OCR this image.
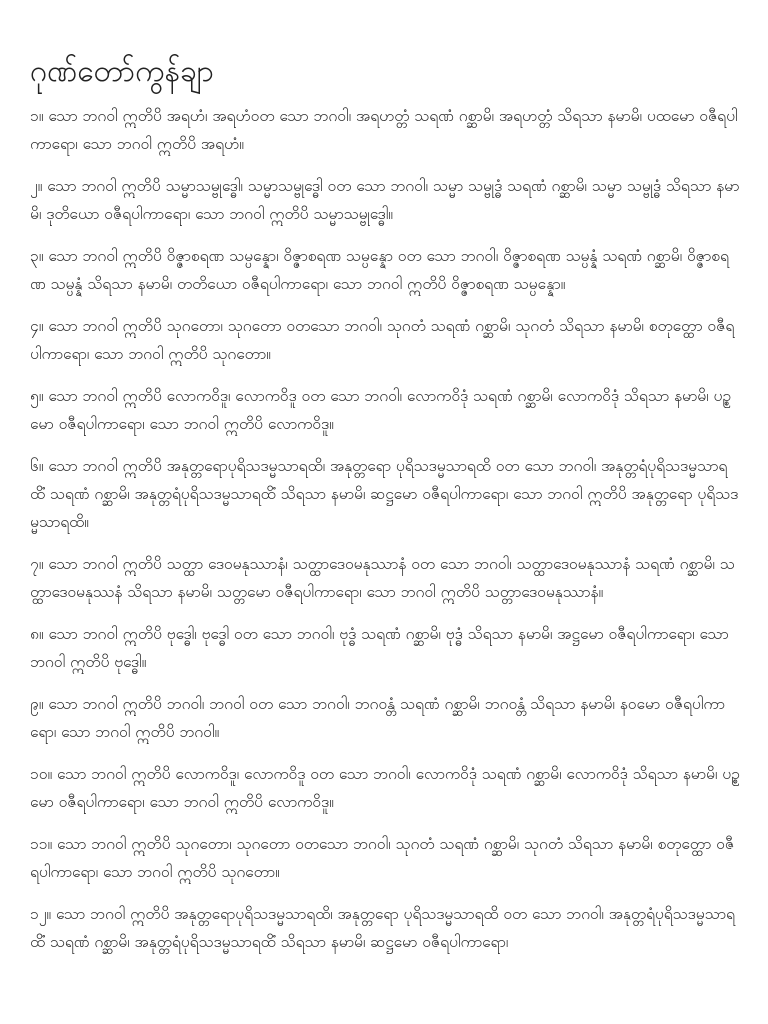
ဂုဏ်တော်ကွန်ချာ

၁။ သော ဘဂဝါ ဣတိပိ အရဟံ၊ အရဟံဝတ သော ဘဂဝါ၊ အရဟတ္တံ သရဏံ ဂစ္ဆာမိ၊ အရဟတ္တံ သိရသာ နမာမိ၊ ပထမော ဝဇီရပါကာရော၊ သော ဘဂဝါ ဣတိပိ အရဟံ။

၂။ သော ဘဂဝါ ဣတိပိ သမ္မာသမ္ဗုဒ္ဓေါ၊ သမ္မာသမ္ဗုဒ္ဓေါ ဝတ သော ဘဂဝါ၊ သမ္မာ သမ္ဗုဒ္ဓံ သရဏံ ဂစ္ဆာမိ၊ သမ္မာ သမ္ဗုဒ္ဓံ သိရသာ နမာမိ၊ ဒုတိယော ဝဇီရပါကာရော၊ သော ဘဂဝါ ဣတိပိ သမ္မာသမ္ဗုဒ္ဓေါ။

၃။ သော ဘဂဝါ ဣတိပိ ဝိဇ္ဇာစရဏ သမ္ပန္နော၊ ဝိဇ္ဇာစရဏ သမ္ပန္နော ဝတ သော ဘဂဝါ၊ ဝိဇ္ဇာစရဏ သမ္ပန္နံ သရဏံ ဂစ္ဆာမိ၊ ဝိဇ္ဇာစရဏ သမ္ပန္နံ သိရသာ နမာမိ၊ တတိယော ဝဇီရပါကာရော၊ သော ဘဂဝါ ဣတိပိ ဝိဇ္ဇာစရဏ သမ္ပန္နော။

၄။ သော ဘဂဝါ ဣတိပိ သုဂတော၊ သုဂတော ဝတသော ဘဂဝါ၊ သုဂတံ သရဏံ ဂစ္ဆာမိ၊ သုဂတံ သိရသာ နမာမိ၊ စတုတ္ထော ဝဇီရပါကာရော၊ သော ဘဂဝါ ဣတိပိ သုဂတော။

၅။ သော ဘဂဝါ ဣတိပိ လောကဝိဒူ၊ လောကဝိဒူ ဝတ သော ဘဂဝါ၊ လောကဝိဒုံ သရဏံ ဂစ္ဆာမိ၊ လောကဝိဒုံ သိရသာ နမာမိ၊ ပဉ္စမော ဝဇီရပါကာရော၊ သော ဘဂဝါ ဣတိပိ လောကဝိဒူ။

၆။ သော ဘဂဝါ ဣတိပိ အနုတ္တရောပုရိသဒမ္မသာရထိ၊ အနုတ္တရော ပုရိသဒမ္မသာရထိ ဝတ သော ဘဂဝါ၊ အနုတ္တရံပုရိသဒမ္မသာရထိံ သရဏံ ဂစ္ဆာမိ၊ အနုတ္တရံပုရိသဒမ္မသာရထိံ သိရသာ နမာမိ၊ ဆဋ္ဌမော ဝဇီရပါကာရော၊ သော ဘဂဝါ ဣတိပိ အနုတ္တရော ပုရိသဒမ္မသာရထိ။

၇။ သော ဘဂဝါ ဣတိပိ သတ္ထာ ဒေဝမနုဿာနံ၊ သတ္ထာဒေဝမနုဿာနံ ဝတ သော ဘဂဝါ၊ သတ္ထာဒေဝမနုဿာနံ သရဏံ ဂစ္ဆာမိ၊ သတ္ထာဒေဝမနုဿနံ သိရသာ နမာမိ၊ သတ္တမော ဝဇီရပါကာရော၊ သော ဘဂဝါ ဣတိပိ သတ္တာဒေဝမနုဿာနံ။

၈။ သော ဘဂဝါ ဣတိပိ ဗုဒ္ဓေါ၊ ဗုဒ္ဓေါ ဝတ သော ဘဂဝါ၊ ဗုဒ္ဓံ သရဏံ ဂစ္ဆာမိ၊ ဗုဒ္ဓံ သိရသာ နမာမိ၊ အဋ္ဌမော ဝဇီရပါကာရော၊ သော ဘဂဝါ ဣတိပိ ဗုဒ္ဓေါ။

၉။ သော ဘဂဝါ ဣတိပိ ဘဂဝါ၊ ဘဂဝါ ဝတ သော ဘဂဝါ၊ ဘဂဝန္တံ သရဏံ ဂစ္ဆာမိ၊ ဘဂဝန္တံ သိရသာ နမာမိ၊ နဝမော ဝဇီရပါကာရော၊ သော ဘဂဝါ ဣတိပိ ဘဂဝါ။

၁၀။ သော ဘဂဝါ ဣတိပိ လောကဝိဒူ၊ လောကဝိဒူ ဝတ သော ဘဂဝါ၊ လောကဝိဒုံ သရဏံ ဂစ္ဆာမိ၊ လောကဝိဒုံ သိရသာ နမာမိ၊ ပဉ္စမော ဝဇီရပါကာရော၊ သော ဘဂဝါ ဣတိပိ လောကဝိဒူ။

၁၁။ သော ဘဂဝါ ဣတိပိ သုဂတော၊ သုဂတော ဝတသော ဘဂဝါ၊ သုဂတံ သရဏံ ဂစ္ဆာမိ၊ သုဂတံ သိရသာ နမာမိ၊ စတုတ္ထော ဝဇီရပါကာရော၊ သော ဘဂဝါ ဣတိပိ သုဂတော။

၁၂။ သော ဘဂဝါ ဣတိပိ အနုတ္တရောပုရိသဒမ္မသာရထိ၊ အနုတ္တရော ပုရိသဒမ္မသာရထိ ဝတ သော ဘဂဝါ၊ အနုတ္တရံပုရိသဒမ္မသာရထိံ သရဏံ ဂစ္ဆာမိ၊ အနုတ္တရံပုရိသဒမ္မသာရထိံ သိရသာ နမာမိ၊ ဆဋ္ဌမော ဝဇီရပါကာရော၊
